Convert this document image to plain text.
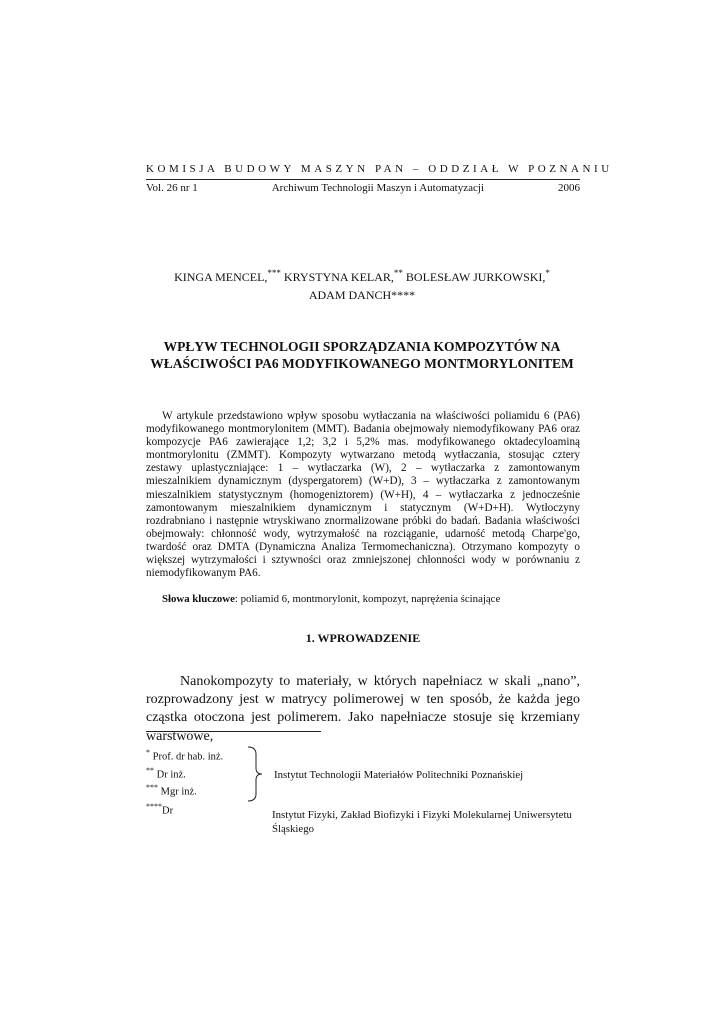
KOMISJA BUDOWY MASZYN PAN – ODDZIAŁ W POZNANIU
Vol. 26 nr 1	Archiwum Technologii Maszyn i Automatyzacji	2006
KINGA MENCEL,*** KRYSTYNA KELAR,** BOLESŁAW JURKOWSKI,*
ADAM DANCH****
WPŁYW TECHNOLOGII SPORZĄDZANIA KOMPOZYTÓW NA
WŁAŚCIWOŚCI PA6 MODYFIKOWANEGO MONTMORYLONITEM
W artykule przedstawiono wpływ sposobu wytłaczania na właściwości poliamidu 6 (PA6) modyfikowanego montmorylonitem (MMT). Badania obejmowały niemodyfikowany PA6 oraz kompozycje PA6 zawierające 1,2; 3,2 i 5,2% mas. modyfikowanego oktadecyloaminą montmorylonitu (ZMMT). Kompozyty wytwarzano metodą wytłaczania, stosując cztery zestawy uplastyczniające: 1 – wytłaczarka (W), 2 – wytłaczarka z zamontowanym mieszalnikiem dynamicznym (dyspergatorem) (W+D), 3 – wytłaczarka z zamontowanym mieszalnikiem statystycznym (homogeniztorem) (W+H), 4 – wytłaczarka z jednocześnie zamontowanym mieszalnikiem dynamicznym i statycznym (W+D+H). Wytłoczyny rozdrabniano i następnie wtryskiwano znormalizowane próbki do badań. Badania właściwości obejmowały: chłonność wody, wytrzymałość na rozciąganie, udarność metodą Charpe'go, twardość oraz DMTA (Dynamiczna Analiza Termomechaniczna). Otrzymano kompozyty o większej wytrzymałości i sztywności oraz zmniejszonej chłonności wody w porównaniu z niemodyfikowanym PA6.
Słowa kluczowe: poliamid 6, montmorylonit, kompozyt, naprężenia ścinające
1. WPROWADZENIE
Nanokompozyty to materiały, w których napełniacz w skali „nano”, rozprowadzony jest w matrycy polimerowej w ten sposób, że każda jego cząstka otoczona jest polimerem. Jako napełniacze stosuje się krzemiany warstwowe,
* Prof. dr hab. inż.
** Dr inż.
*** Mgr inż.
****Dr
Instytut Technologii Materiałów Politechniki Poznańskiej
Instytut Fizyki, Zakład Biofizyki i Fizyki Molekularnej Uniwersytetu
Śląskiego
